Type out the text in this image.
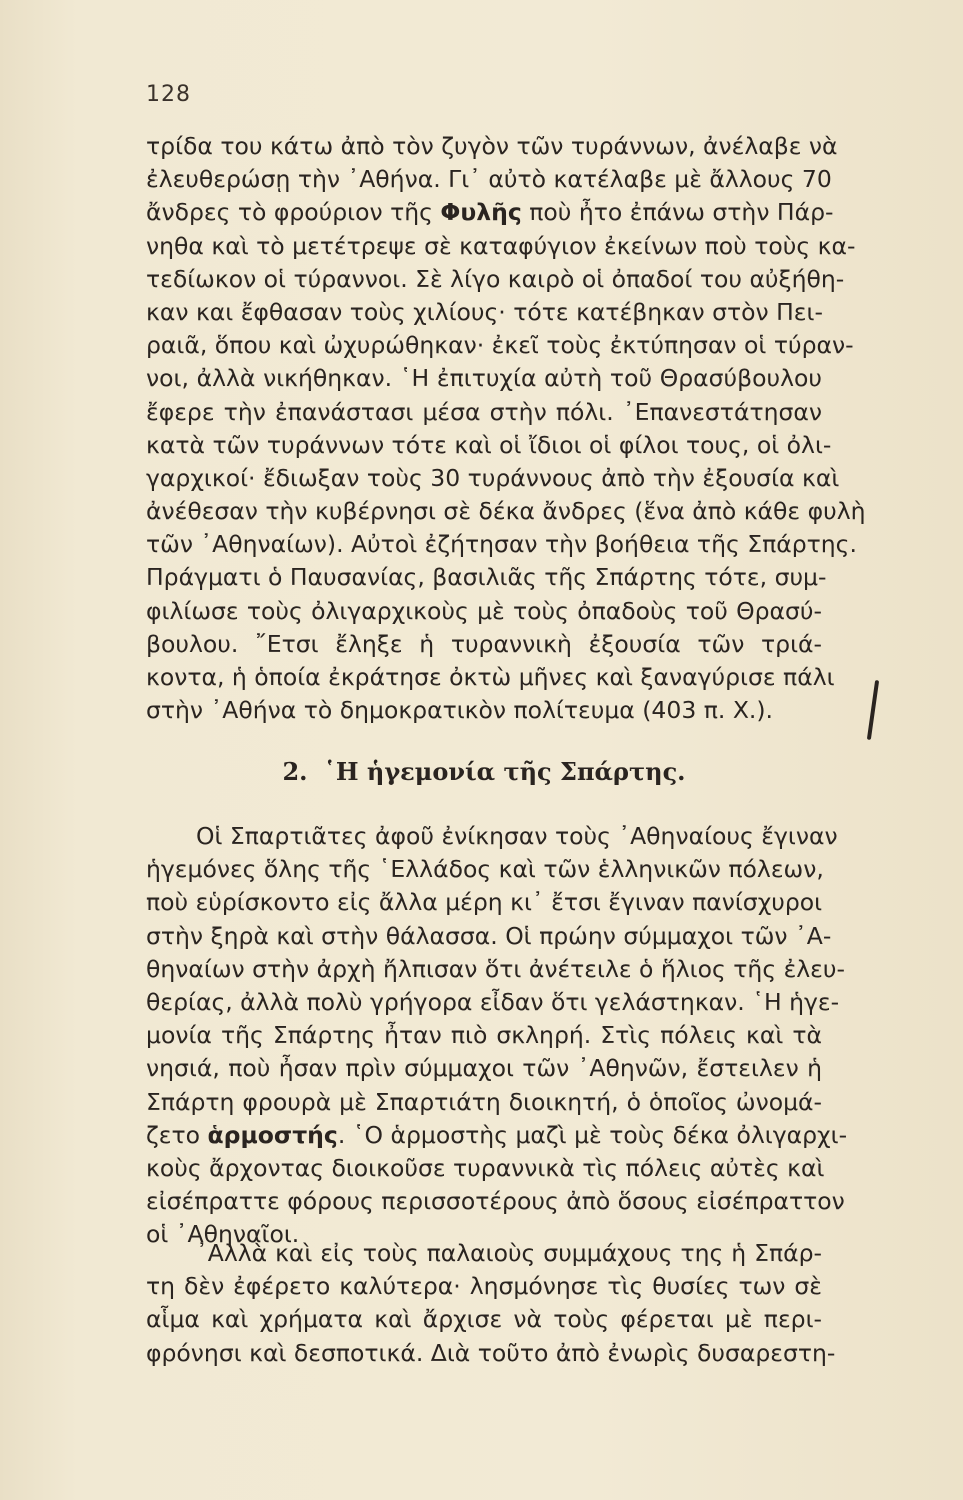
128
τρίδα του κάτω ἀπὸ τὸν ζυγὸν τῶν τυράννων, ἀνέλαβε νὰ
ἐλευθερώσῃ τὴν ᾿Αθήνα. Γι᾿ αὐτὸ κατέλαβε μὲ ἄλλους 70
ἄνδρες τὸ φρούριον τῆς Φυλῆς ποὺ ἦτο ἐπάνω στὴν Πάρ-
νηθα καὶ τὸ μετέτρεψε σὲ καταφύγιον ἐκείνων ποὺ τοὺς κα-
τεδίωκον οἱ τύραννοι. Σὲ λίγο καιρὸ οἱ ὀπαδοί του αὐξήθη-
καν και ἔφθασαν τοὺς χιλίους· τότε κατέβηκαν στὸν Πει-
ραιᾶ, ὅπου καὶ ὠχυρώθηκαν· ἐκεῖ τοὺς ἐκτύπησαν οἱ τύραν-
νοι, ἀλλὰ νικήθηκαν. ῾Η ἐπιτυχία αὐτὴ τοῦ Θρασύβουλου
ἔφερε τὴν ἐπανάστασι μέσα στὴν πόλι. ᾿Επανεστάτησαν
κατὰ τῶν τυράννων τότε καὶ οἱ ἴδιοι οἱ φίλοι τους, οἱ ὀλι-
γαρχικοί· ἔδιωξαν τοὺς 30 τυράννους ἀπὸ τὴν ἐξουσία καὶ
ἀνέθεσαν τὴν κυβέρνησι σὲ δέκα ἄνδρες (ἕνα ἀπὸ κάθε φυλὴ
τῶν ᾿Αθηναίων). Αὐτοὶ ἐζήτησαν τὴν βοήθεια τῆς Σπάρτης.
Πράγματι ὁ Παυσανίας, βασιλιᾶς τῆς Σπάρτης τότε, συμ-
φιλίωσε τοὺς ὀλιγαρχικοὺς μὲ τοὺς ὀπαδοὺς τοῦ Θρασύ-
βουλου. ῎Ετσι ἔληξε ἡ τυραννικὴ ἐξουσία τῶν τριά-
κοντα, ἡ ὁποία ἐκράτησε ὀκτὼ μῆνες καὶ ξαναγύρισε πάλι
στὴν ᾿Αθήνα τὸ δημοκρατικὸν πολίτευμα (403 π. Χ.).
2. ῾Η ἡγεμονία τῆς Σπάρτης.
Οἱ Σπαρτιᾶτες ἀφοῦ ἐνίκησαν τοὺς ᾿Αθηναίους ἔγιναν
ἡγεμόνες ὅλης τῆς ῾Ελλάδος καὶ τῶν ἑλληνικῶν πόλεων,
ποὺ εὑρίσκοντο εἰς ἄλλα μέρη κι᾿ ἔτσι ἔγιναν πανίσχυροι
στὴν ξηρὰ καὶ στὴν θάλασσα. Οἱ πρώην σύμμαχοι τῶν ᾿Α-
θηναίων στὴν ἀρχὴ ἤλπισαν ὅτι ἀνέτειλε ὁ ἥλιος τῆς ἐλευ-
θερίας, ἀλλὰ πολὺ γρήγορα εἶδαν ὅτι γελάστηκαν. ῾Η ἡγε-
μονία τῆς Σπάρτης ἦταν πιὸ σκληρή. Στὶς πόλεις καὶ τὰ
νησιά, ποὺ ἦσαν πρὶν σύμμαχοι τῶν ᾿Αθηνῶν, ἔστειλεν ἡ
Σπάρτη φρουρὰ μὲ Σπαρτιάτη διοικητή, ὁ ὁποῖος ὠνομά-
ζετο ἁρμοστής. ῾Ο ἁρμοστὴς μαζὶ μὲ τοὺς δέκα ὀλιγαρχι-
κοὺς ἄρχοντας διοικοῦσε τυραννικὰ τὶς πόλεις αὐτὲς καὶ
εἰσέπραττε φόρους περισσοτέρους ἀπὸ ὅσους εἰσέπραττον
οἱ ᾿Αθηναῖοι.
᾿Αλλὰ καὶ εἰς τοὺς παλαιοὺς συμμάχους της ἡ Σπάρ-
τη δὲν ἐφέρετο καλύτερα· λησμόνησε τὶς θυσίες των σὲ
αἷμα καὶ χρήματα καὶ ἄρχισε νὰ τοὺς φέρεται μὲ περι-
φρόνησι καὶ δεσποτικά. Διὰ τοῦτο ἀπὸ ἐνωρὶς δυσαρεστη-
